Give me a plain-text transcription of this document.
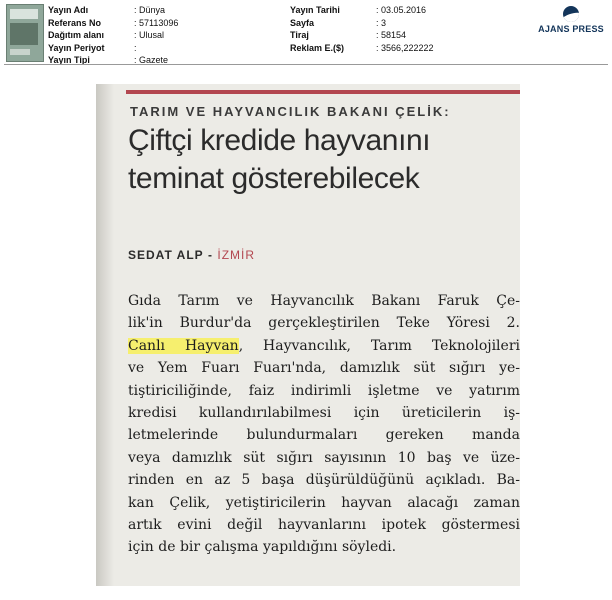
Yayın Adı	: Dünya
Referans No	: 57113096
Dağıtım alanı	: Ulusal
Yayın Periyot	:
Yayın Tipi	: Gazete
Yayın Tarihi	: 03.05.2016
Sayfa	: 3
Tiraj	: 58154
Reklam E.($)	: 3566,222222
AJANS PRESS
TARIM VE HAYVANCILIK BAKANI ÇELİK:
Çiftçi kredide hayvanını
teminat gösterebilecek
SEDAT ALP - İZMİR
Gıda Tarım ve Hayvancılık Bakanı Faruk Çe-
lik'in Burdur'da gerçekleştirilen Teke Yöresi 2.
Canlı Hayvan, Hayvancılık, Tarım Teknolojileri
ve Yem Fuarı Fuarı'nda, damızlık süt sığırı ye-
tiştiriciliğinde, faiz indirimli işletme ve yatırım
kredisi kullandırılabilmesi için üreticilerin iş-
letmelerinde bulundurmaları gereken manda
veya damızlık süt sığırı sayısının 10 baş ve üze-
rinden en az 5 başa düşürüldüğünü açıkladı. Ba-
kan Çelik, yetiştiricilerin hayvan alacağı zaman
artık evini değil hayvanlarını ipotek göstermesi
için de bir çalışma yapıldığını söyledi.
